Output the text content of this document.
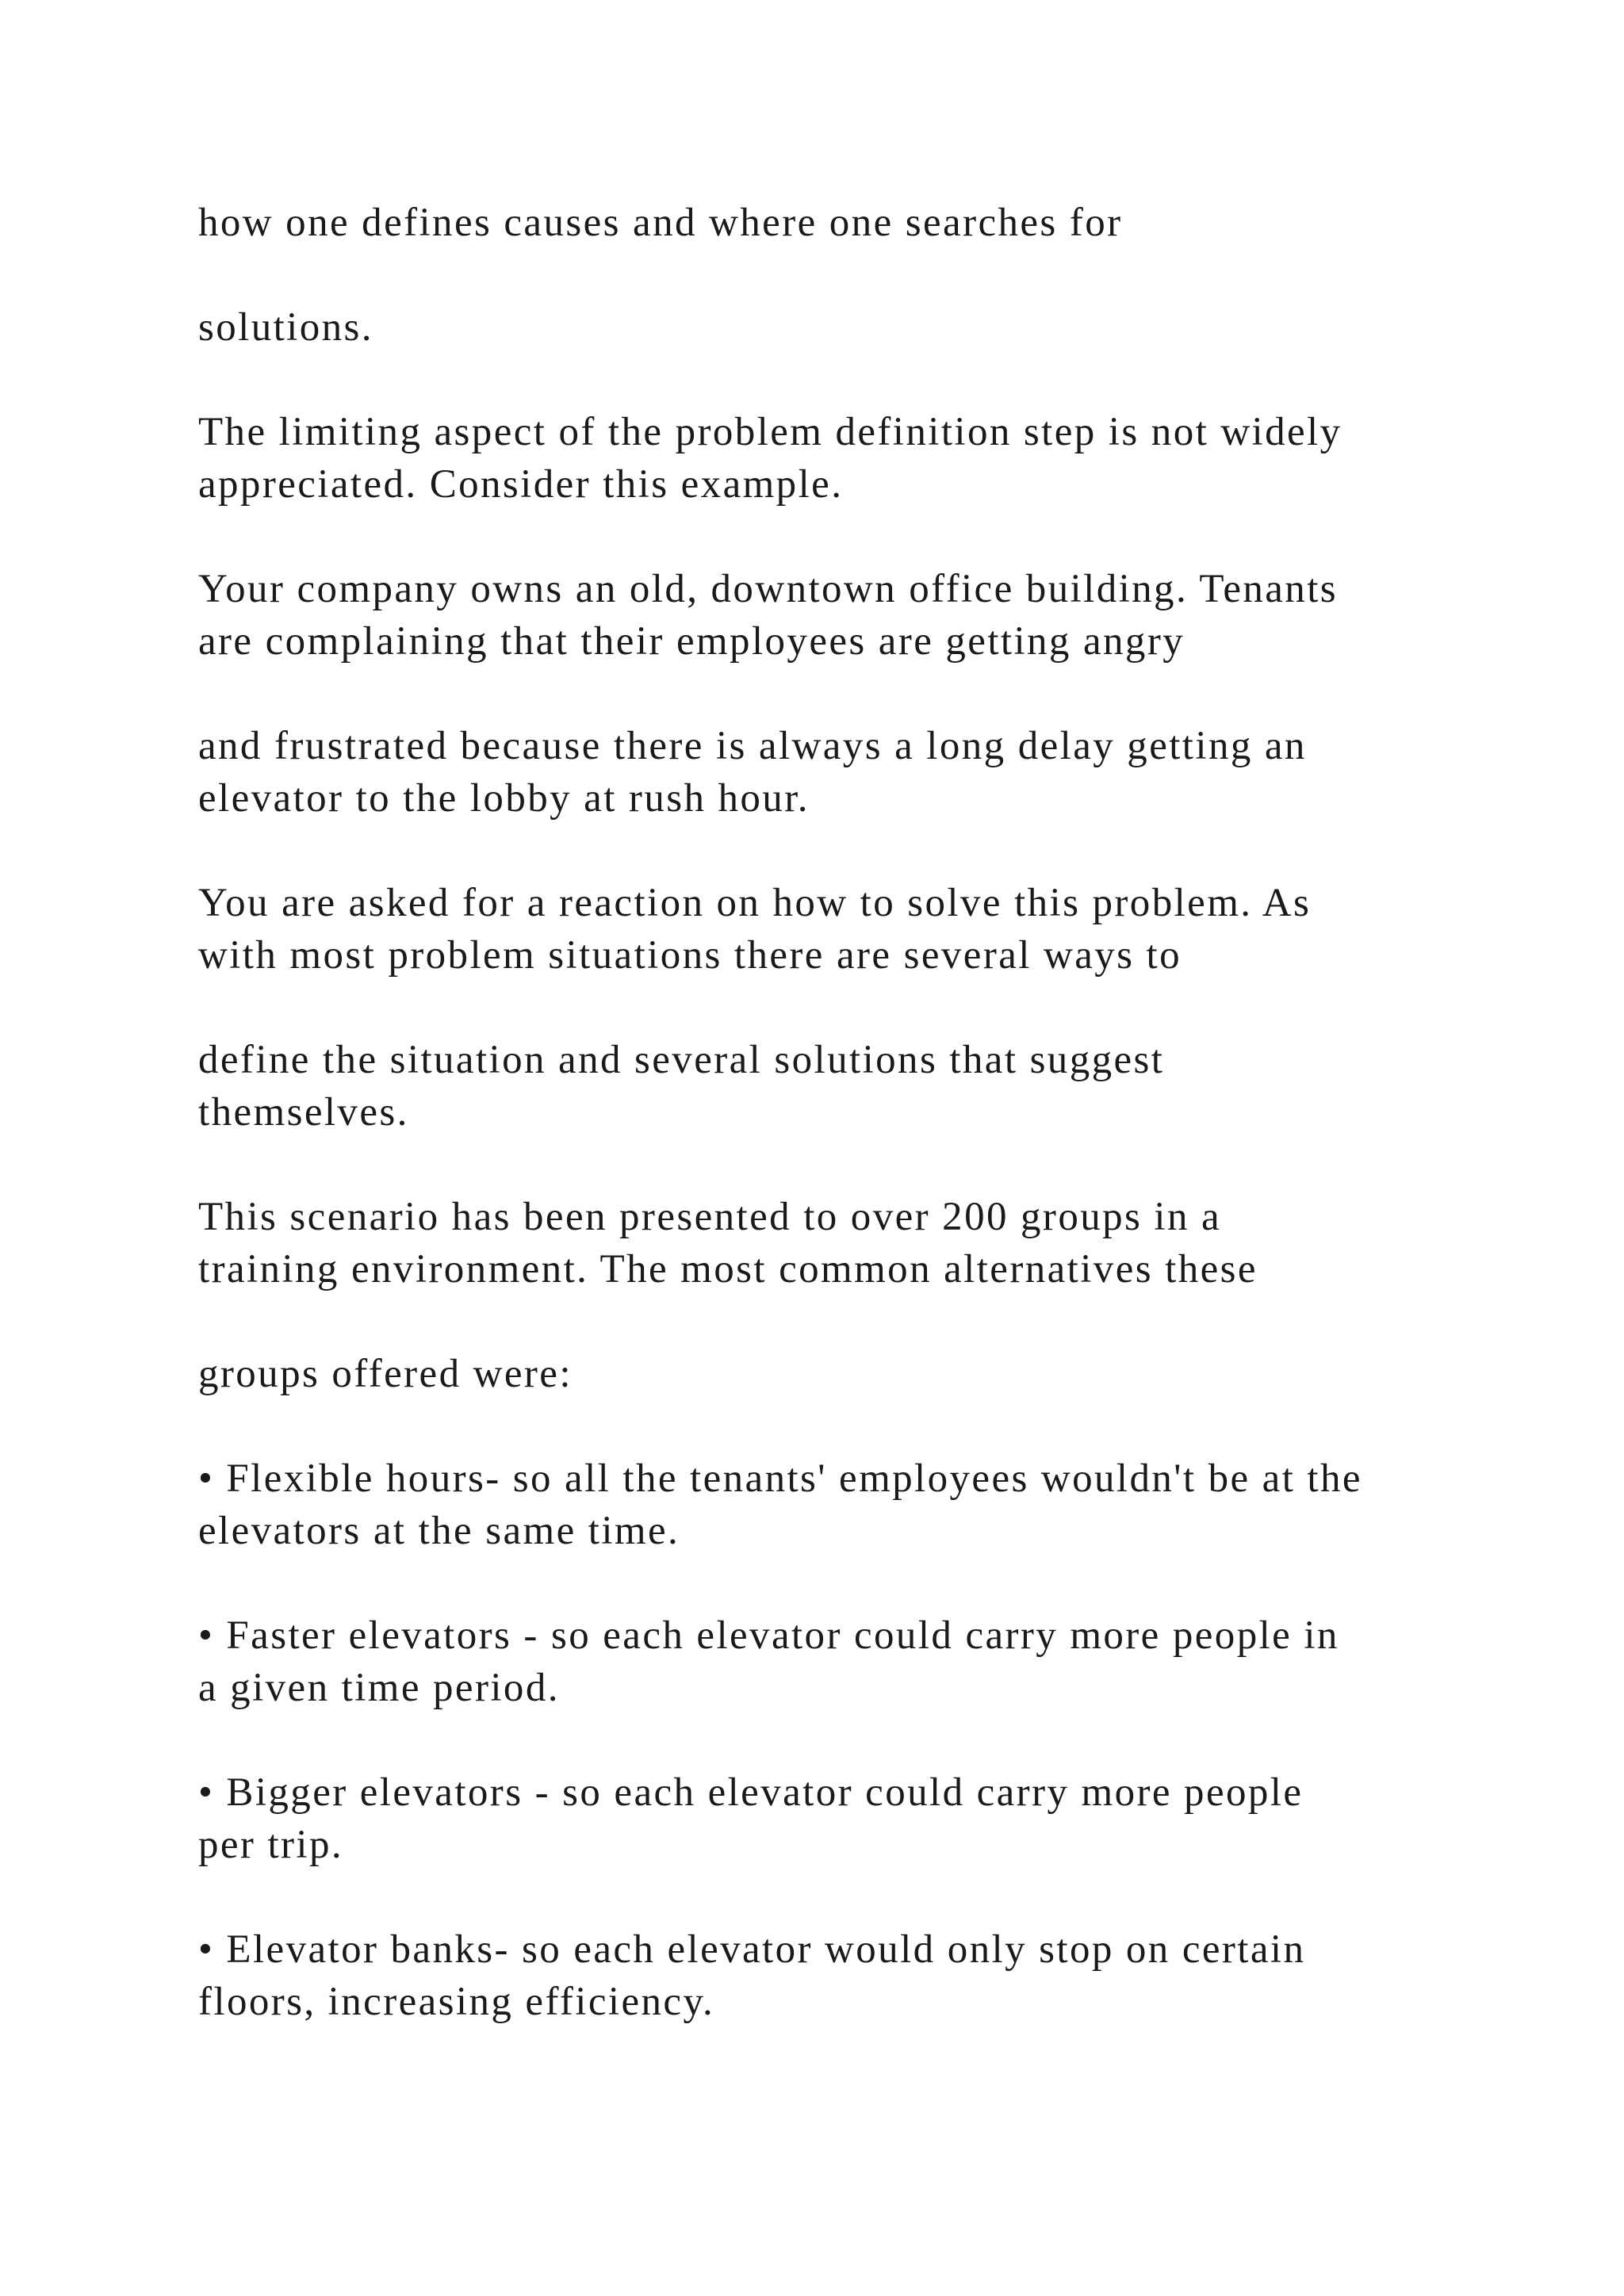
how one defines causes and where one searches for
solutions.
The limiting aspect of the problem definition step is not widely
appreciated. Consider this example.
Your company owns an old, downtown office building. Tenants
are complaining that their employees are getting angry
and frustrated because there is always a long delay getting an
elevator to the lobby at rush hour.
You are asked for a reaction on how to solve this problem. As
with most problem situations there are several ways to
define the situation and several solutions that suggest
themselves.
This scenario has been presented to over 200 groups in a
training environment. The most common alternatives these
groups offered were:
• Flexible hours- so all the tenants' employees wouldn't be at the
elevators at the same time.
• Faster elevators - so each elevator could carry more people in
a given time period.
• Bigger elevators - so each elevator could carry more people
per trip.
• Elevator banks- so each elevator would only stop on certain
floors, increasing efficiency.
